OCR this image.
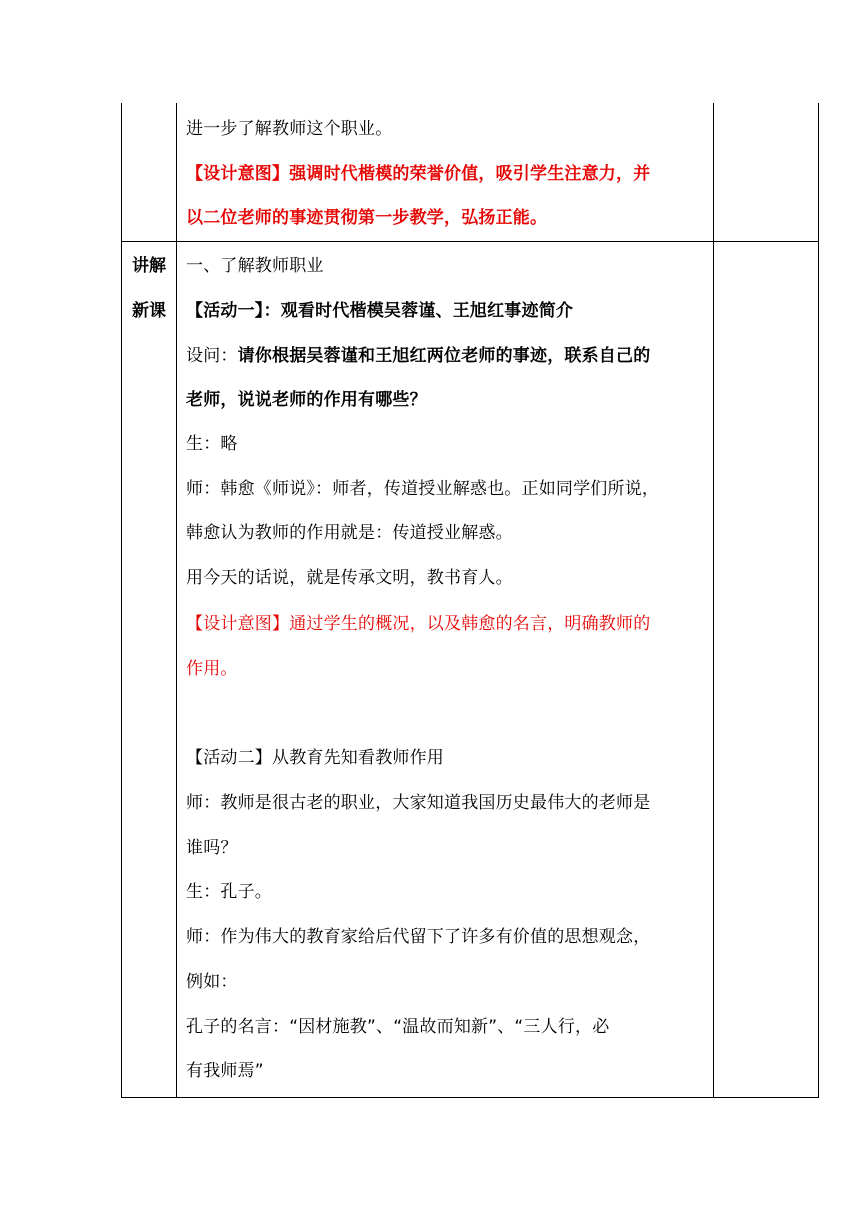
进一步了解教师这个职业。
【设计意图】强调时代楷模的荣誉价值，吸引学生注意力，并
以二位老师的事迹贯彻第一步教学，弘扬正能。
讲解
新课
一、了解教师职业
【活动一】：观看时代楷模吴蓉谨、王旭红事迹简介
设问：请你根据吴蓉谨和王旭红两位老师的事迹，联系自己的
老师，说说老师的作用有哪些？
生：略
师：韩愈《师说》：师者，传道授业解惑也。正如同学们所说，
韩愈认为教师的作用就是：传道授业解惑。
用今天的话说，就是传承文明，教书育人。
【设计意图】通过学生的概况，以及韩愈的名言，明确教师的
作用。
【活动二】从教育先知看教师作用
师：教师是很古老的职业，大家知道我国历史最伟大的老师是
谁吗？
生：孔子。
师：作为伟大的教育家给后代留下了许多有价值的思想观念，
例如：
孔子的名言：“因材施教”、“温故而知新”、“三人行，必
有我师焉”
